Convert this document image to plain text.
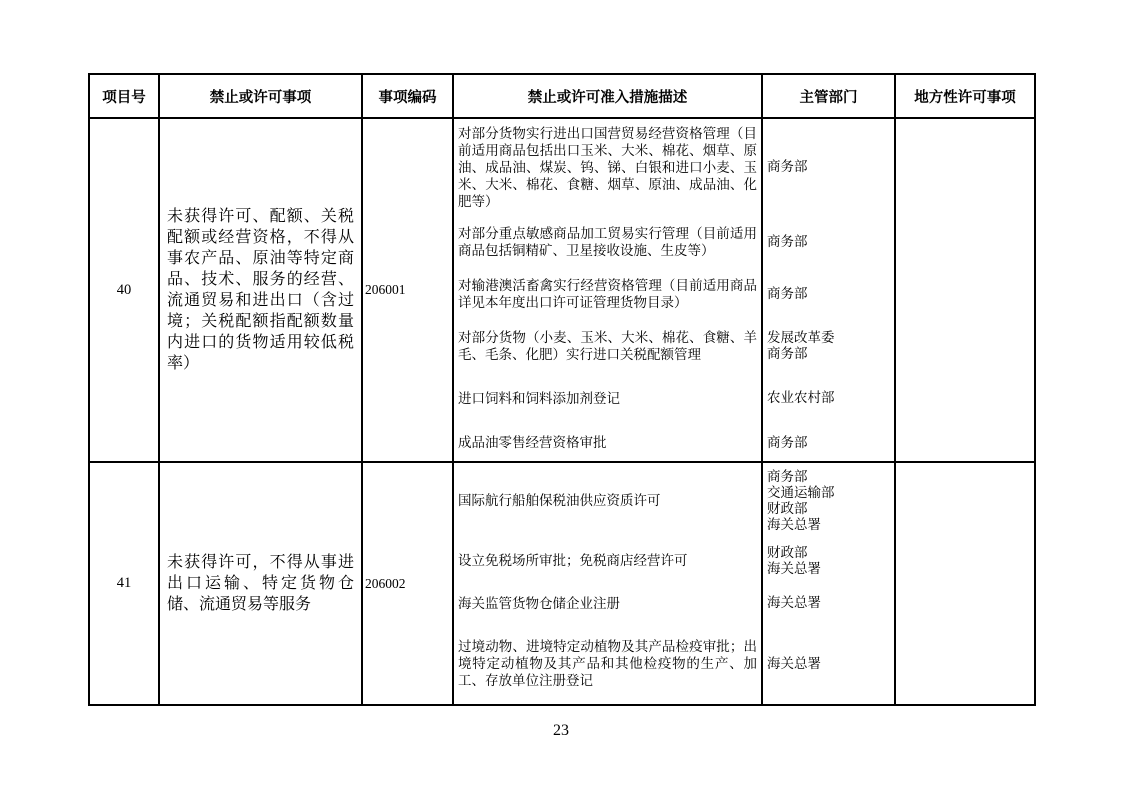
项目号	禁止或许可事项	事项编码	禁止或许可准入措施描述	主管部门	地方性许可事项
40	未获得许可、配额、关税配额或经营资格，不得从事农产品、原油等特定商品、技术、服务的经营、流通贸易和进出口（含过境；关税配额指配额数量内进口的货物适用较低税率）	206001	对部分货物实行进出口国营贸易经营资格管理（目前适用商品包括出口玉米、大米、棉花、烟草、原油、成品油、煤炭、钨、锑、白银和进口小麦、玉米、大米、棉花、食糖、烟草、原油、成品油、化肥等）	商务部	

			对部分重点敏感商品加工贸易实行管理（目前适用商品包括铜精矿、卫星接收设施、生皮等）	商务部	

			对输港澳活畜禽实行经营资格管理（目前适用商品详见本年度出口许可证管理货物目录）	商务部	

			对部分货物（小麦、玉米、大米、棉花、食糖、羊毛、毛条、化肥）实行进口关税配额管理	发展改革委
商务部	

			进口饲料和饲料添加剂登记	农业农村部	

			成品油零售经营资格审批	商务部	

41	未获得许可，不得从事进出口运输、特定货物仓储、流通贸易等服务	206002	国际航行船舶保税油供应资质许可	商务部
交通运输部
财政部
海关总署	

			设立免税场所审批；免税商店经营许可	财政部
海关总署	

			海关监管货物仓储企业注册	海关总署	

			过境动物、进境特定动植物及其产品检疫审批；出境特定动植物及其产品和其他检疫物的生产、加工、存放单位注册登记	海关总署	
23
